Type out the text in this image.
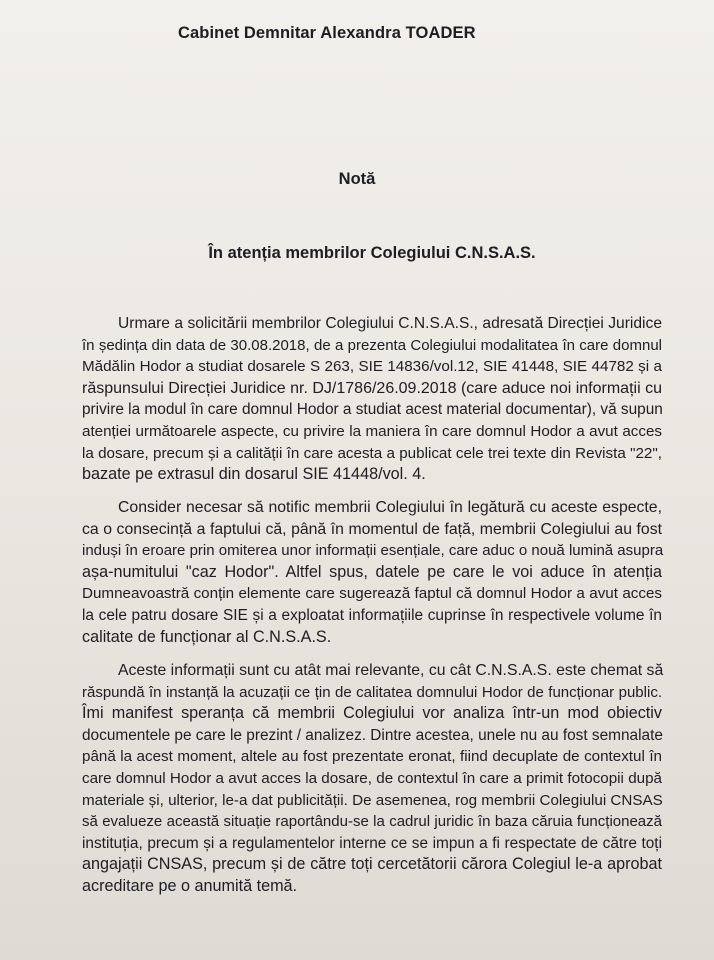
Cabinet Demnitar Alexandra TOADER
Notă
În atenția membrilor Colegiului C.N.S.A.S.
Urmare a solicitării membrilor Colegiului C.N.S.A.S., adresată Direcției Juridice
în ședința din data de 30.08.2018, de a prezenta Colegiului modalitatea în care domnul
Mădălin Hodor a studiat dosarele S 263, SIE 14836/vol.12, SIE 41448, SIE 44782 și a
răspunsului Direcției Juridice nr. DJ/1786/26.09.2018 (care aduce noi informații cu
privire la modul în care domnul Hodor a studiat acest material documentar), vă supun
atenției următoarele aspecte, cu privire la maniera în care domnul Hodor a avut acces
la dosare, precum și a calității în care acesta a publicat cele trei texte din Revista "22",
bazate pe extrasul din dosarul SIE 41448/vol. 4.
Consider necesar să notific membrii Colegiului în legătură cu aceste especte,
ca o consecință a faptului că, până în momentul de față, membrii Colegiului au fost
induși în eroare prin omiterea unor informații esențiale, care aduc o nouă lumină asupra
așa-numitului "caz Hodor". Altfel spus, datele pe care le voi aduce în atenția
Dumneavoastră conțin elemente care sugerează faptul că domnul Hodor a avut acces
la cele patru dosare SIE și a exploatat informațiile cuprinse în respectivele volume în
calitate de funcționar al C.N.S.A.S.
Aceste informații sunt cu atât mai relevante, cu cât C.N.S.A.S. este chemat să
răspundă în instanță la acuzații ce țin de calitatea domnului Hodor de funcționar public.
Îmi manifest speranța că membrii Colegiului vor analiza într-un mod obiectiv
documentele pe care le prezint / analizez. Dintre acestea, unele nu au fost semnalate
până la acest moment, altele au fost prezentate eronat, fiind decuplate de contextul în
care domnul Hodor a avut acces la dosare, de contextul în care a primit fotocopii după
materiale și, ulterior, le-a dat publicității. De asemenea, rog membrii Colegiului CNSAS
să evalueze această situație raportându-se la cadrul juridic în baza căruia funcționează
instituția, precum și a regulamentelor interne ce se impun a fi respectate de către toți
angajații CNSAS, precum și de către toți cercetătorii cărora Colegiul le-a aprobat
acreditare pe o anumită temă.
